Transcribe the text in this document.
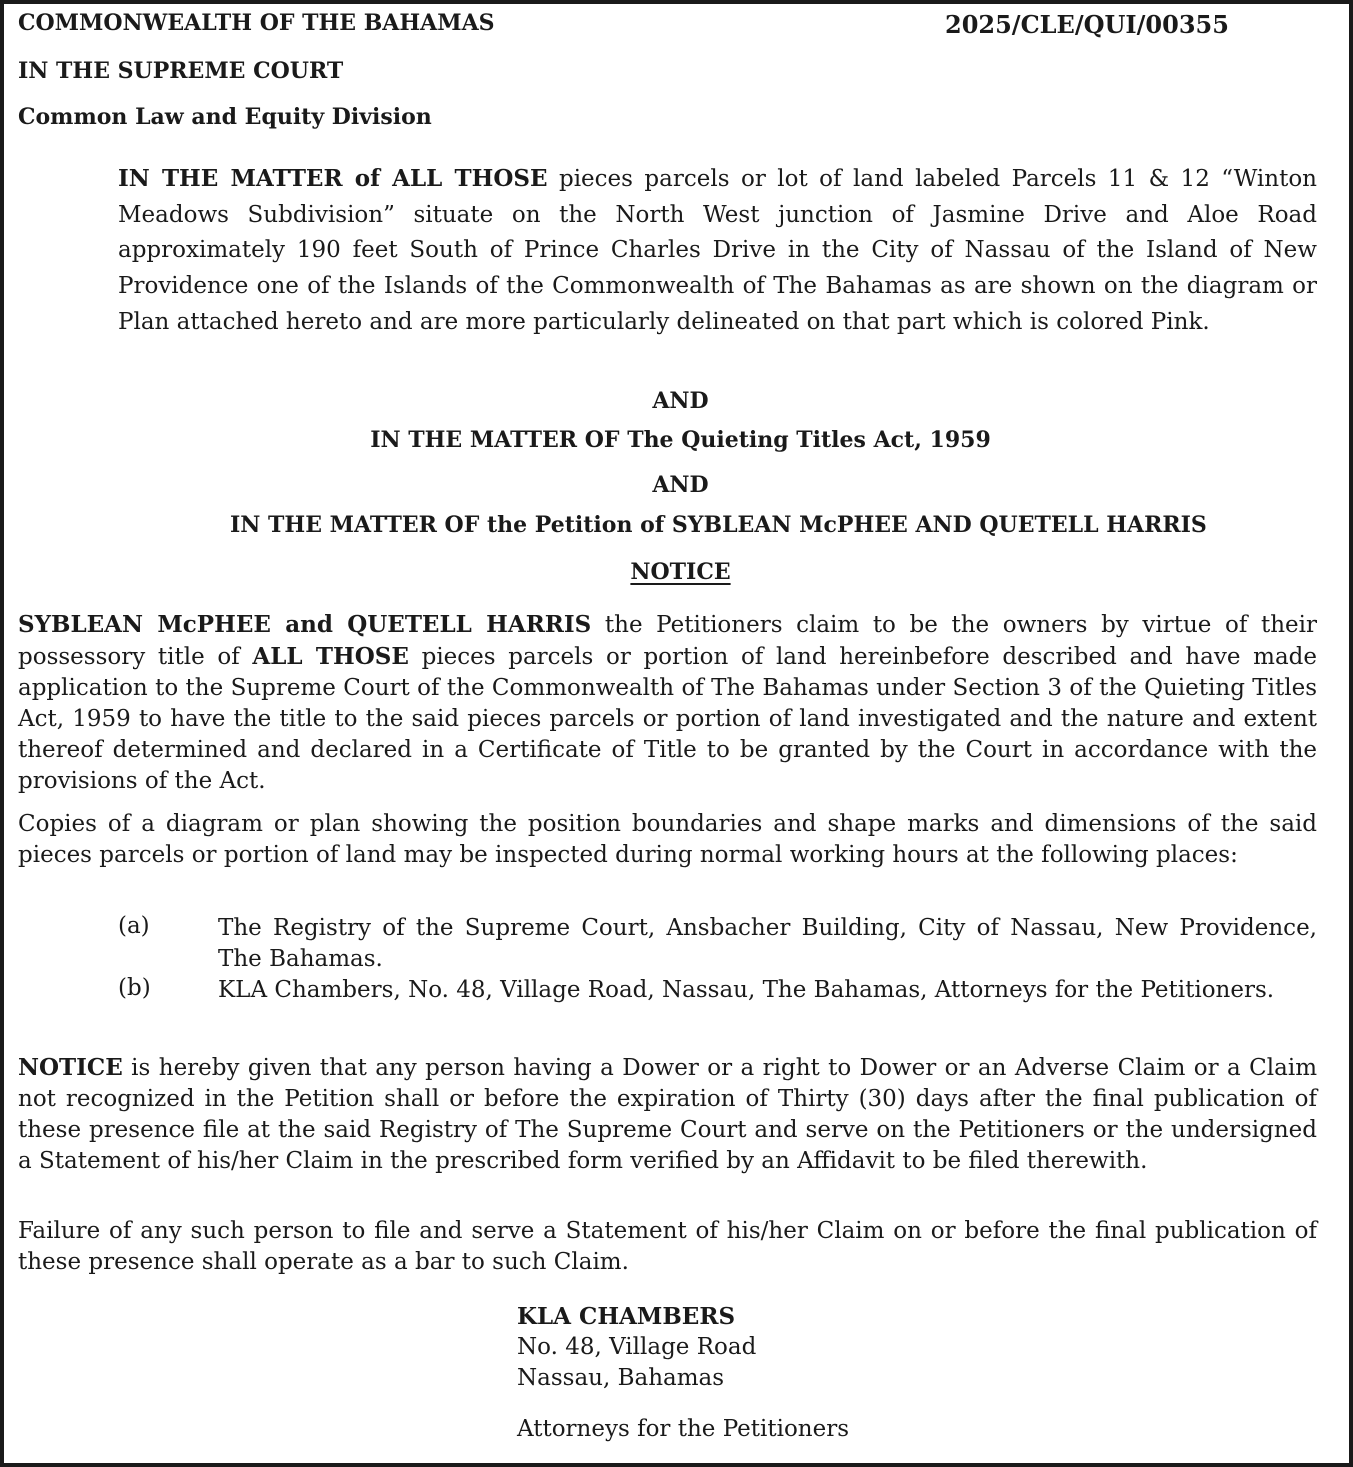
COMMONWEALTH OF THE BAHAMAS	2025/CLE/QUI/00355
IN THE SUPREME COURT
Common Law and Equity Division
IN THE MATTER of ALL THOSE pieces parcels or lot of land labeled Parcels 11 & 12 “Winton Meadows Subdivision” situate on the North West junction of Jasmine Drive and Aloe Road approximately 190 feet South of Prince Charles Drive in the City of Nassau of the Island of New Providence one of the Islands of the Commonwealth of The Bahamas as are shown on the diagram or Plan attached hereto and are more particularly delineated on that part which is colored Pink.
AND
IN THE MATTER OF The Quieting Titles Act, 1959
AND
IN THE MATTER OF the Petition of SYBLEAN McPHEE AND QUETELL HARRIS
NOTICE
SYBLEAN McPHEE and QUETELL HARRIS the Petitioners claim to be the owners by virtue of their possessory title of ALL THOSE pieces parcels or portion of land hereinbefore described and have made application to the Supreme Court of the Commonwealth of The Bahamas under Section 3 of the Quieting Titles Act, 1959 to have the title to the said pieces parcels or portion of land investigated and the nature and extent thereof determined and declared in a Certificate of Title to be granted by the Court in accordance with the provisions of the Act.
Copies of a diagram or plan showing the position boundaries and shape marks and dimensions of the said pieces parcels or portion of land may be inspected during normal working hours at the following places:
(a)	The Registry of the Supreme Court, Ansbacher Building, City of Nassau, New Providence, The Bahamas.
(b)	KLA Chambers, No. 48, Village Road, Nassau, The Bahamas, Attorneys for the Petitioners.
NOTICE is hereby given that any person having a Dower or a right to Dower or an Adverse Claim or a Claim not recognized in the Petition shall or before the expiration of Thirty (30) days after the final publication of these presence file at the said Registry of The Supreme Court and serve on the Petitioners or the undersigned a Statement of his/her Claim in the prescribed form verified by an Affidavit to be filed therewith.
Failure of any such person to file and serve a Statement of his/her Claim on or before the final publication of these presence shall operate as a bar to such Claim.
KLA CHAMBERS
No. 48, Village Road
Nassau, Bahamas
Attorneys for the Petitioners
